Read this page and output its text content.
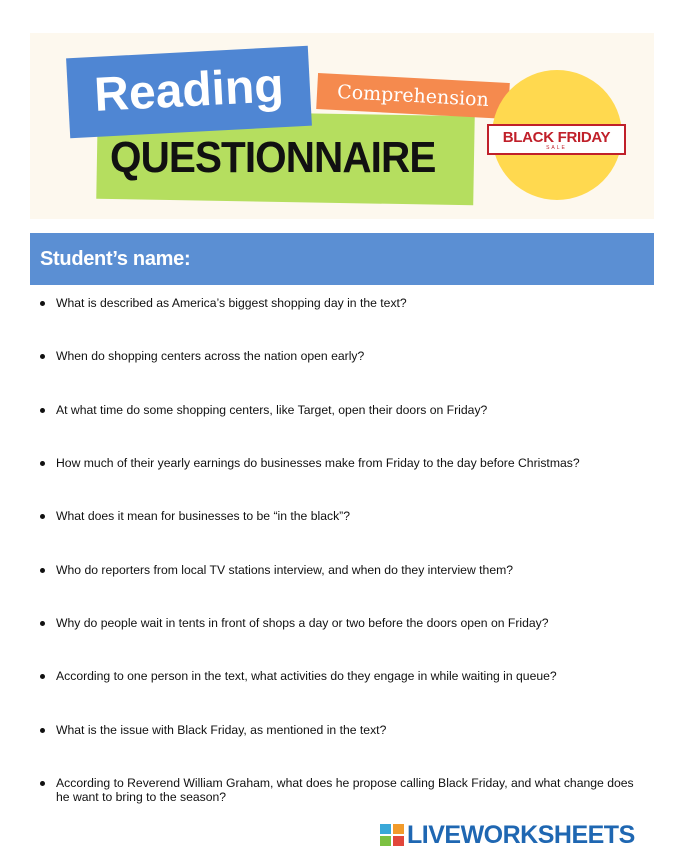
Reading	Comprehension
QUESTIONNAIRE	BLACK FRIDAY
SALE
Student’s name:
What is described as America’s biggest shopping day in the text?
When do shopping centers across the nation open early?
At what time do some shopping centers, like Target, open their doors on Friday?
How much of their yearly earnings do businesses make from Friday to the day before Christmas?
What does it mean for businesses to be “in the black”?
Who do reporters from local TV stations interview, and when do they interview them?
Why do people wait in tents in front of shops a day or two before the doors open on Friday?
According to one person in the text, what activities do they engage in while waiting in queue?
What is the issue with Black Friday, as mentioned in the text?
According to Reverend William Graham, what does he propose calling Black Friday, and what change does he want to bring to the season?
LIVEWORKSHEETS
